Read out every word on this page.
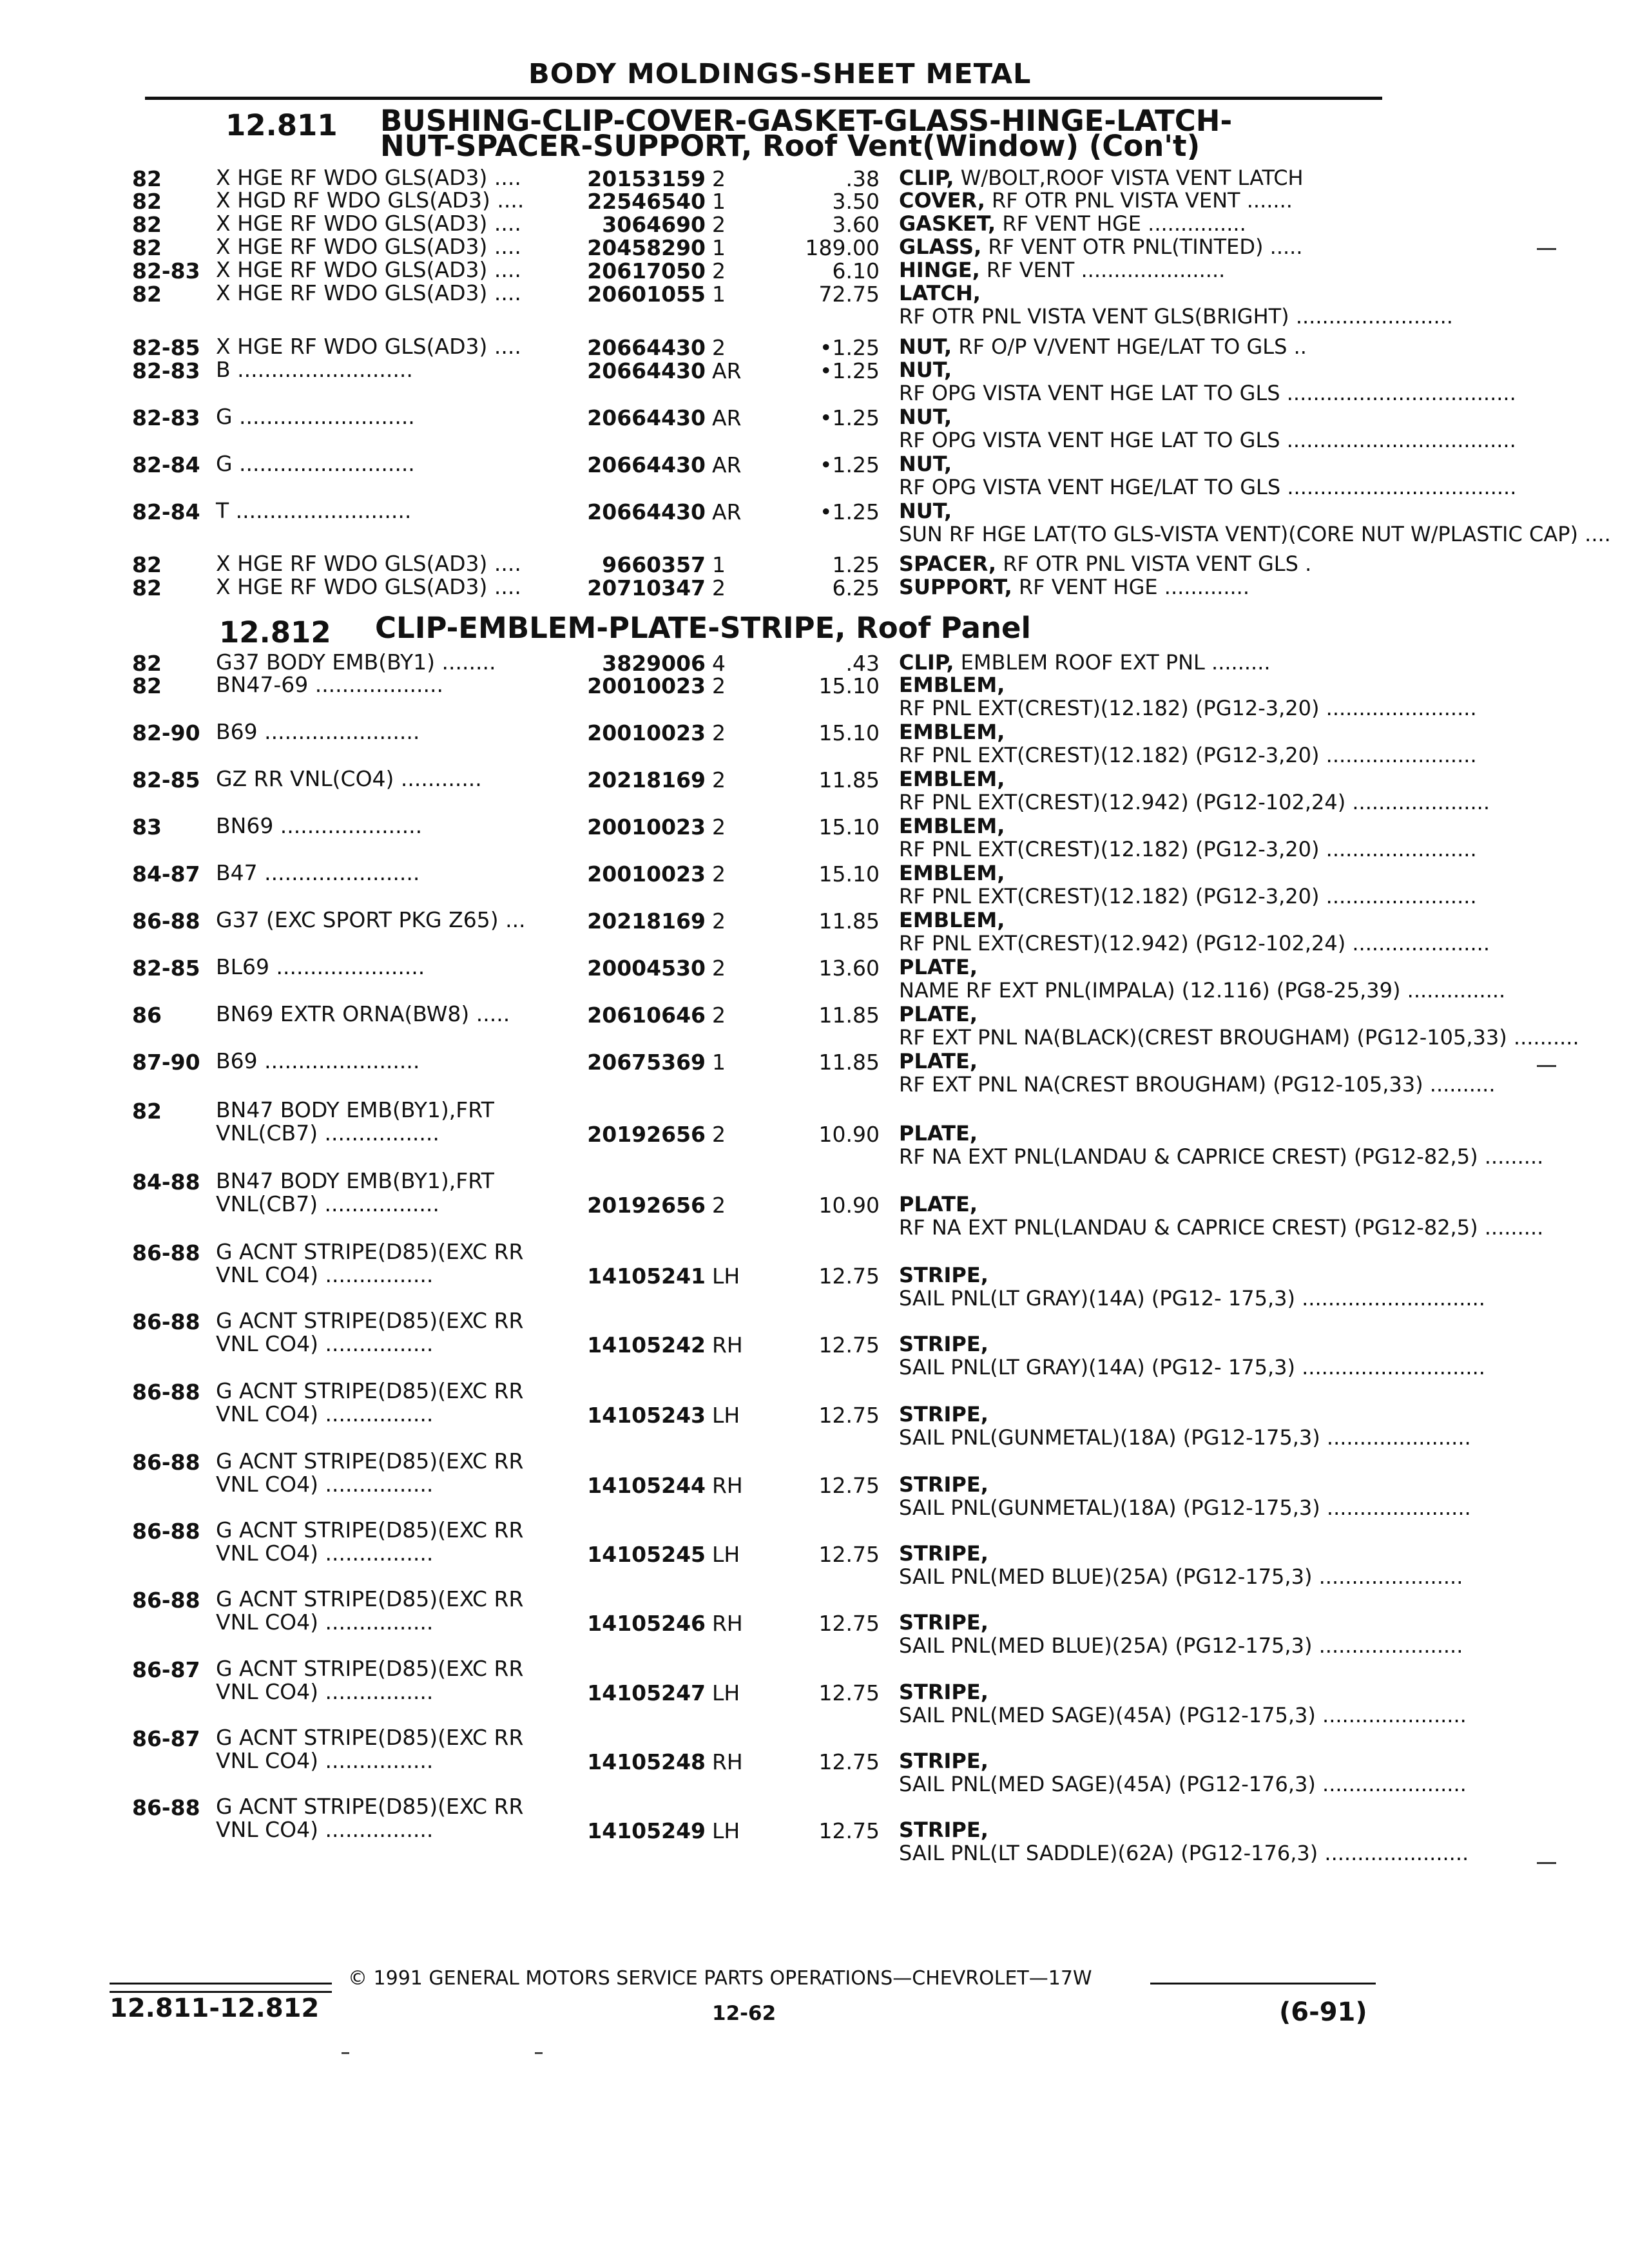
BODY MOLDINGS-SHEET METAL
12.811 BUSHING-CLIP-COVER-GASKET-GLASS-HINGE-LATCH-
NUT-SPACER-SUPPORT, Roof Vent(Window) (Con't)
82	X HGE RF WDO GLS(AD3) ....	20153159 2	.38 CLIP, W/BOLT,ROOF VISTA VENT LATCH
82	X HGD RF WDO GLS(AD3) ....	22546540 1	3.50 COVER, RF OTR PNL VISTA VENT .......
82	X HGE RF WDO GLS(AD3) ....	3064690 2	3.60 GASKET, RF VENT HGE ...............
82	X HGE RF WDO GLS(AD3) ....	20458290 1	189.00 GLASS, RF VENT OTR PNL(TINTED) .....
82-83 X HGE RF WDO GLS(AD3) ....	20617050 2	6.10 HINGE, RF VENT ......................
82	X HGE RF WDO GLS(AD3) ....	20601055 1	72.75 LATCH, RF OTR PNL VISTA VENT GLS(BRIGHT) ........................
82-85 X HGE RF WDO GLS(AD3) ....	20664430 2	•1.25 NUT, RF O/P V/VENT HGE/LAT TO GLS ..
82-83 B ..........................	20664430 AR	•1.25 NUT, RF OPG VISTA VENT HGE LAT TO GLS ...................................
82-83 G ..........................	20664430 AR	•1.25 NUT, RF OPG VISTA VENT HGE LAT TO GLS ...................................
82-84 G ..........................	20664430 AR	•1.25 NUT, RF OPG VISTA VENT HGE/LAT TO GLS ...................................
82-84 T ..........................	20664430 AR	•1.25 NUT, SUN RF HGE LAT(TO GLS-VISTA VENT)(CORE NUT W/PLASTIC CAP) ....
82	X HGE RF WDO GLS(AD3) ....	9660357 1	1.25 SPACER, RF OTR PNL VISTA VENT GLS .
82	X HGE RF WDO GLS(AD3) ....	20710347 2	6.25 SUPPORT, RF VENT HGE .............
12.812 CLIP-EMBLEM-PLATE-STRIPE, Roof Panel
82	G37 BODY EMB(BY1) ........	3829006 4	.43 CLIP, EMBLEM ROOF EXT PNL .........
82	BN47-69 ...................	20010023 2	15.10 EMBLEM, RF PNL EXT(CREST)(12.182) (PG12-3,20) .......................
82-90 B69 .......................	20010023 2	15.10 EMBLEM, RF PNL EXT(CREST)(12.182) (PG12-3,20) .......................
82-85 GZ RR VNL(CO4) ............	20218169 2	11.85 EMBLEM, RF PNL EXT(CREST)(12.942) (PG12-102,24) .....................
83	BN69 .....................	20010023 2	15.10 EMBLEM, RF PNL EXT(CREST)(12.182) (PG12-3,20) .......................
84-87 B47 .......................	20010023 2	15.10 EMBLEM, RF PNL EXT(CREST)(12.182) (PG12-3,20) .......................
86-88 G37 (EXC SPORT PKG Z65) ...	20218169 2	11.85 EMBLEM, RF PNL EXT(CREST)(12.942) (PG12-102,24) .....................
82-85 BL69 ......................	20004530 2	13.60 PLATE, NAME RF EXT PNL(IMPALA) (12.116) (PG8-25,39) ...............
86	BN69 EXTR ORNA(BW8) .....	20610646 2	11.85 PLATE, RF EXT PNL NA(BLACK)(CREST BROUGHAM) (PG12-105,33) ..........
87-90 B69 .......................	20675369 1	11.85 PLATE, RF EXT PNL NA(CREST BROUGHAM) (PG12-105,33) ..........
82	BN47 BODY EMB(BY1),FRT
VNL(CB7) .................	20192656 2	10.90 PLATE, RF NA EXT PNL(LANDAU & CAPRICE CREST) (PG12-82,5) .........
84-88 BN47 BODY EMB(BY1),FRT
VNL(CB7) .................	20192656 2	10.90 PLATE, RF NA EXT PNL(LANDAU & CAPRICE CREST) (PG12-82,5) .........
86-88 G ACNT STRIPE(D85)(EXC RR
VNL CO4) ................	14105241 LH	12.75 STRIPE, SAIL PNL(LT GRAY)(14A) (PG12- 175,3) ............................
86-88 G ACNT STRIPE(D85)(EXC RR
VNL CO4) ................	14105242 RH	12.75 STRIPE, SAIL PNL(LT GRAY)(14A) (PG12- 175,3) ............................
86-88 G ACNT STRIPE(D85)(EXC RR
VNL CO4) ................	14105243 LH	12.75 STRIPE, SAIL PNL(GUNMETAL)(18A) (PG12-175,3) ......................
86-88 G ACNT STRIPE(D85)(EXC RR
VNL CO4) ................	14105244 RH	12.75 STRIPE, SAIL PNL(GUNMETAL)(18A) (PG12-175,3) ......................
86-88 G ACNT STRIPE(D85)(EXC RR
VNL CO4) ................	14105245 LH	12.75 STRIPE, SAIL PNL(MED BLUE)(25A) (PG12-175,3) ......................
86-88 G ACNT STRIPE(D85)(EXC RR
VNL CO4) ................	14105246 RH	12.75 STRIPE, SAIL PNL(MED BLUE)(25A) (PG12-175,3) ......................
86-87 G ACNT STRIPE(D85)(EXC RR
VNL CO4) ................	14105247 LH	12.75 STRIPE, SAIL PNL(MED SAGE)(45A) (PG12-175,3) ......................
86-87 G ACNT STRIPE(D85)(EXC RR
VNL CO4) ................	14105248 RH	12.75 STRIPE, SAIL PNL(MED SAGE)(45A) (PG12-176,3) ......................
86-88 G ACNT STRIPE(D85)(EXC RR
VNL CO4) ................	14105249 LH	12.75 STRIPE, SAIL PNL(LT SADDLE)(62A) (PG12-176,3) ......................
© 1991 GENERAL MOTORS SERVICE PARTS OPERATIONS—CHEVROLET—17W
12.811-12.812	12-62	(6-91)
